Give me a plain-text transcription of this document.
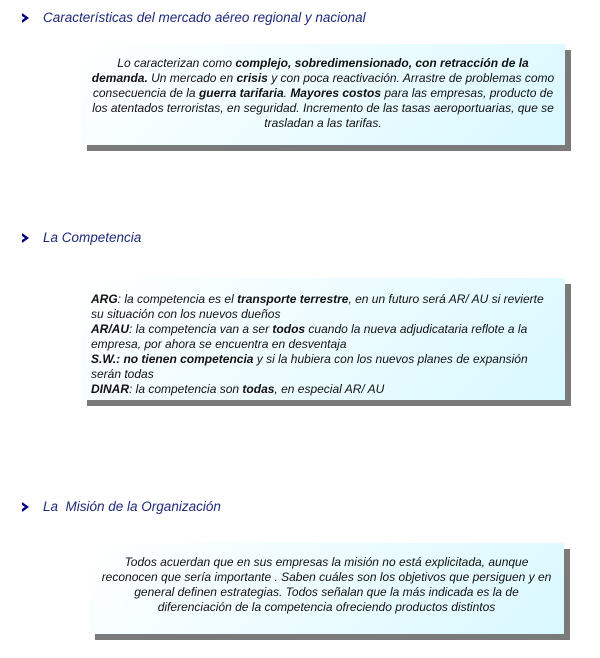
Características del mercado aéreo regional y nacional
Lo caracterizan como complejo, sobredimensionado, con retracción de la demanda. Un mercado en crisis y con poca reactivación. Arrastre de problemas como consecuencia de la guerra tarifaria. Mayores costos para las empresas, producto de los atentados terroristas, en seguridad. Incremento de las tasas aeroportuarias, que se trasladan a las tarifas.
La Competencia
ARG: la competencia es el transporte terrestre, en un futuro será AR/ AU si revierte su situación con los nuevos dueños
AR/AU: la competencia van a ser todos cuando la nueva adjudicataria reflote a la empresa, por ahora se encuentra en desventaja
S.W.: no tienen competencia y si la hubiera con los nuevos planes de expansión serán todas
DINAR: la competencia son todas, en especial AR/ AU
La  Misión de la Organización
Todos acuerdan que en sus empresas la misión no está explicitada, aunque reconocen que sería importante . Saben cuáles son los objetivos que persiguen y en general definen estrategias. Todos señalan que la más indicada es la de diferenciación de la competencia ofreciendo productos distintos
